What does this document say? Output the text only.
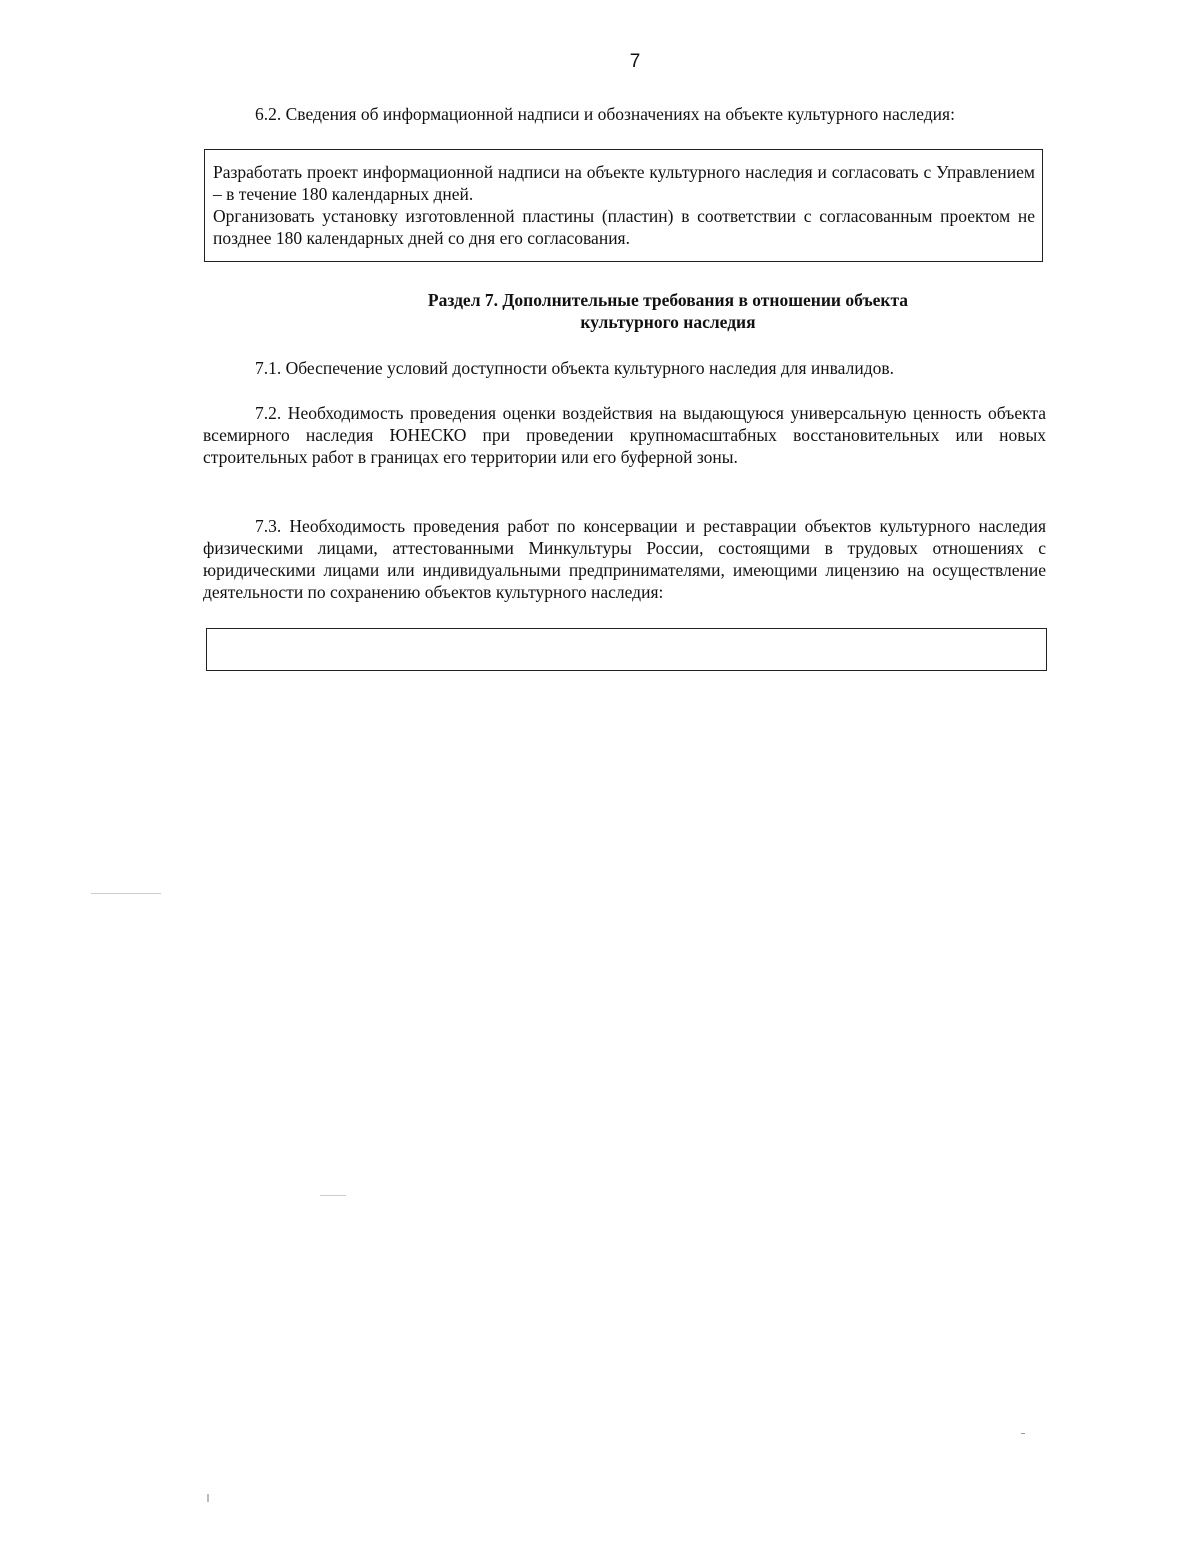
7
6.2. Сведения об информационной надписи и обозначениях на объекте культурного наследия:

Разработать проект информационной надписи на объекте культурного наследия и согласовать с Управлением – в течение 180 календарных дней.

Организовать установку изготовленной пластины (пластин) в соответствии с согласованным проектом не позднее 180 календарных дней со дня его согласования.

Раздел 7. Дополнительные требования в отношении объекта
культурного наследия
7.1. Обеспечение условий доступности объекта культурного наследия для инвалидов.
7.2. Необходимость проведения оценки воздействия на выдающуюся универсальную ценность объекта всемирного наследия ЮНЕСКО при проведении крупномасштабных восстановительных или новых строительных работ в границах его территории или его буферной зоны.
7.3. Необходимость проведения работ по консервации и реставрации объектов культурного наследия физическими лицами, аттестованными Минкультуры России, состоящими в трудовых отношениях с юридическими лицами или индивидуальными предпринимателями, имеющими лицензию на осуществление деятельности по сохранению объектов культурного наследия:
